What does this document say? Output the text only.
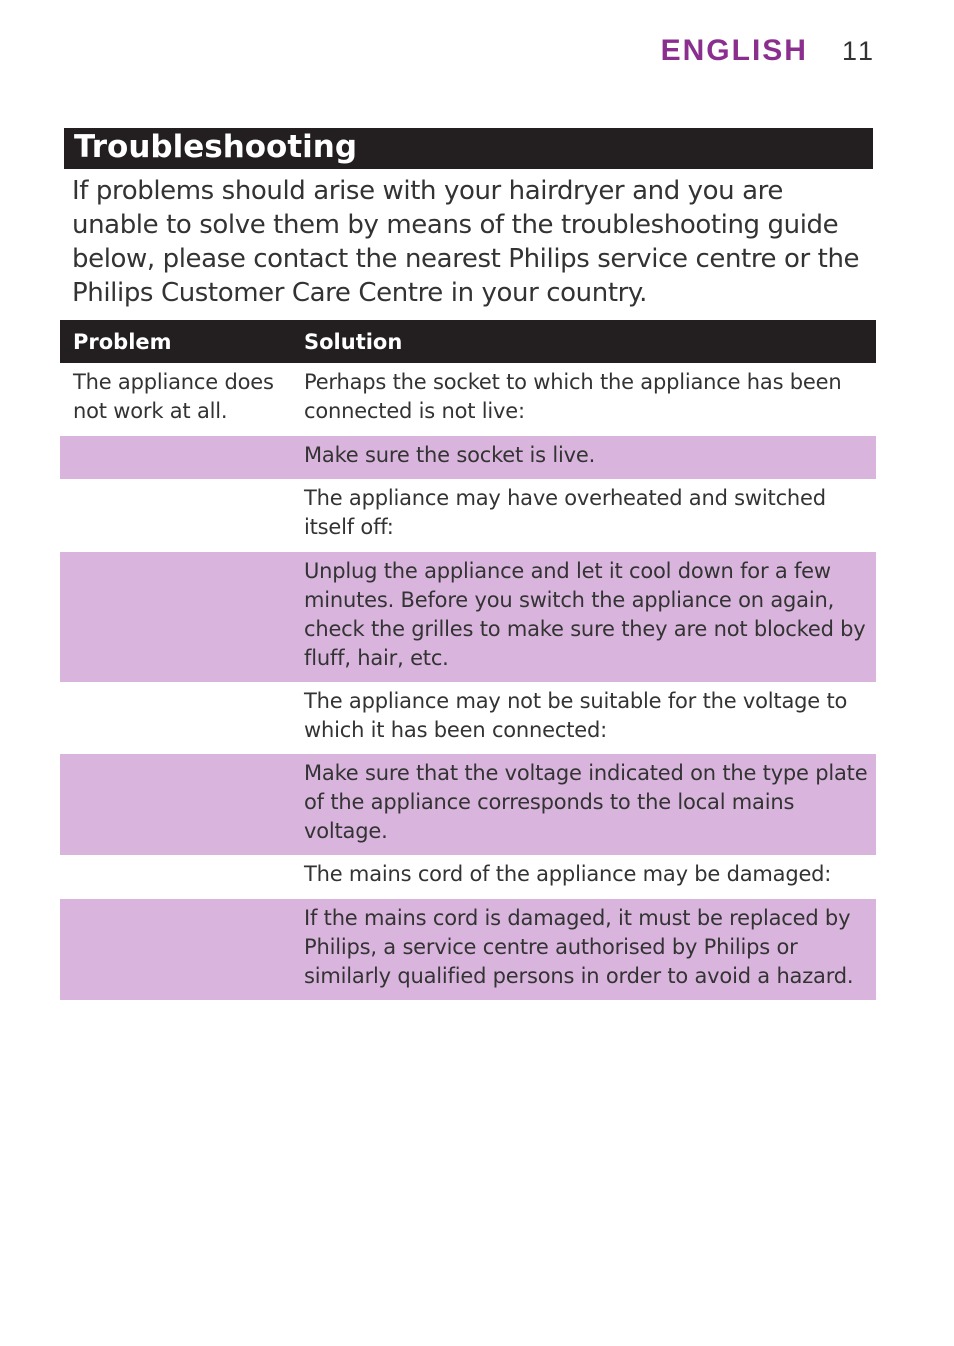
ENGLISH 11
Troubleshooting

If problems should arise with your hairdryer and you are unable to solve them by means of the troubleshooting guide below, please contact the nearest Philips service centre or the Philips Customer Care Centre in your country.

Problem	Solution
The appliance does not work at all.
Perhaps the socket to which the appliance has been connected is not live:
Make sure the socket is live.
The appliance may have overheated and switched itself off:
Unplug the appliance and let it cool down for a few minutes. Before you switch the appliance on again, check the grilles to make sure they are not blocked by fluff, hair, etc.
The appliance may not be suitable for the voltage to which it has been connected:
Make sure that the voltage indicated on the type plate of the appliance corresponds to the local mains voltage.
The mains cord of the appliance may be damaged:
If the mains cord is damaged, it must be replaced by Philips, a service centre authorised by Philips or similarly qualified persons in order to avoid a hazard.
